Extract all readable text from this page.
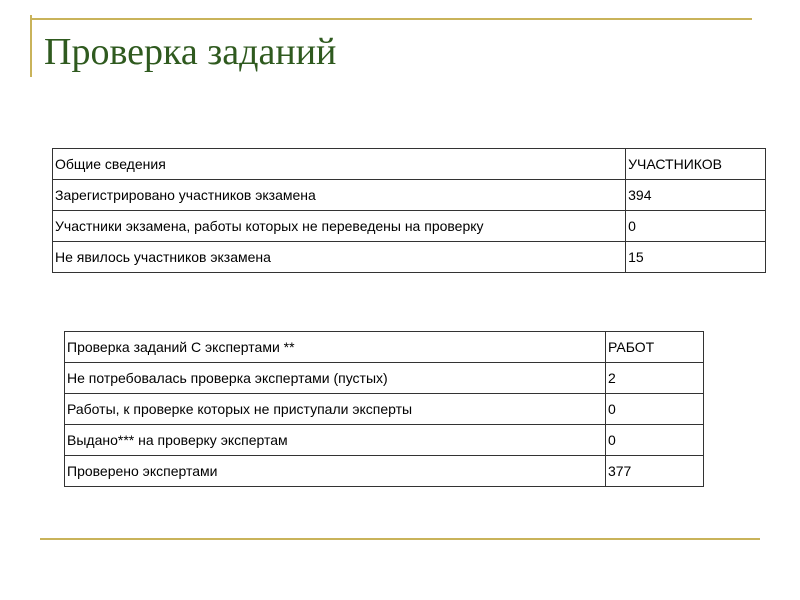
Проверка заданий
Общие сведения	УЧАСТНИКОВ
Зарегистрировано участников экзамена	394
Участники экзамена, работы которых не переведены на проверку	0
Не явилось участников экзамена	15
Проверка заданий С экспертами **	РАБОТ
Не потребовалась проверка экспертами (пустых)	2
Работы, к проверке которых не приступали эксперты	0
Выдано*** на проверку экспертам	0
Проверено экспертами	377
